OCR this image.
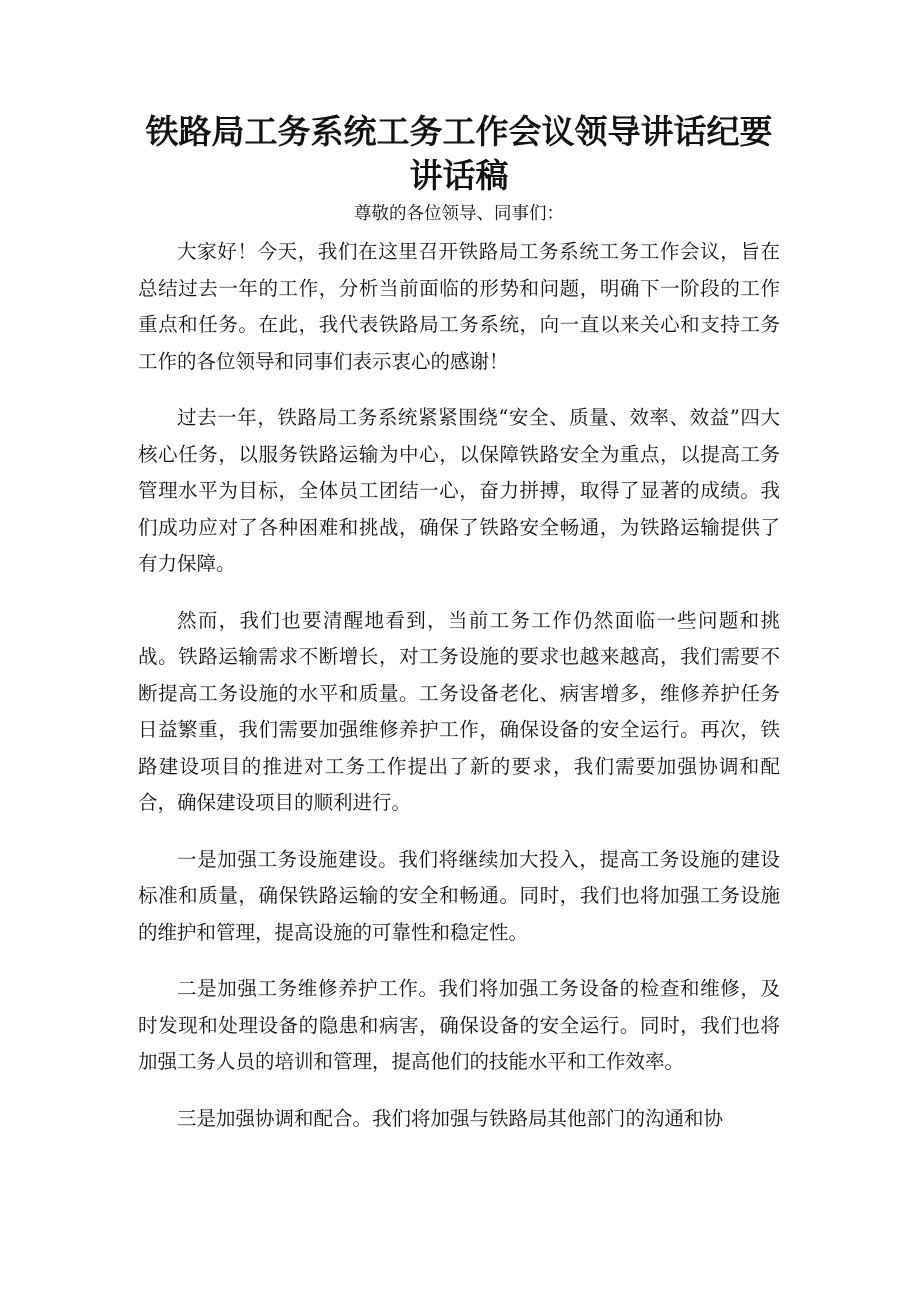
铁路局工务系统工务工作会议领导讲话纪要讲话稿
尊敬的各位领导、同事们：

大家好！今天，我们在这里召开铁路局工务系统工务工作会议，旨在总结过去一年的工作，分析当前面临的形势和问题，明确下一阶段的工作重点和任务。在此，我代表铁路局工务系统，向一直以来关心和支持工务工作的各位领导和同事们表示衷心的感谢！

过去一年，铁路局工务系统紧紧围绕“安全、质量、效率、效益”四大核心任务，以服务铁路运输为中心，以保障铁路安全为重点，以提高工务管理水平为目标，全体员工团结一心，奋力拼搏，取得了显著的成绩。我们成功应对了各种困难和挑战，确保了铁路安全畅通，为铁路运输提供了有力保障。

然而，我们也要清醒地看到，当前工务工作仍然面临一些问题和挑战。铁路运输需求不断增长，对工务设施的要求也越来越高，我们需要不断提高工务设施的水平和质量。工务设备老化、病害增多，维修养护任务日益繁重，我们需要加强维修养护工作，确保设备的安全运行。再次，铁路建设项目的推进对工务工作提出了新的要求，我们需要加强协调和配合，确保建设项目的顺利进行。

一是加强工务设施建设。我们将继续加大投入，提高工务设施的建设标准和质量，确保铁路运输的安全和畅通。同时，我们也将加强工务设施的维护和管理，提高设施的可靠性和稳定性。

二是加强工务维修养护工作。我们将加强工务设备的检查和维修，及时发现和处理设备的隐患和病害，确保设备的安全运行。同时，我们也将加强工务人员的培训和管理，提高他们的技能水平和工作效率。

三是加强协调和配合。我们将加强与铁路局其他部门的沟通和协
